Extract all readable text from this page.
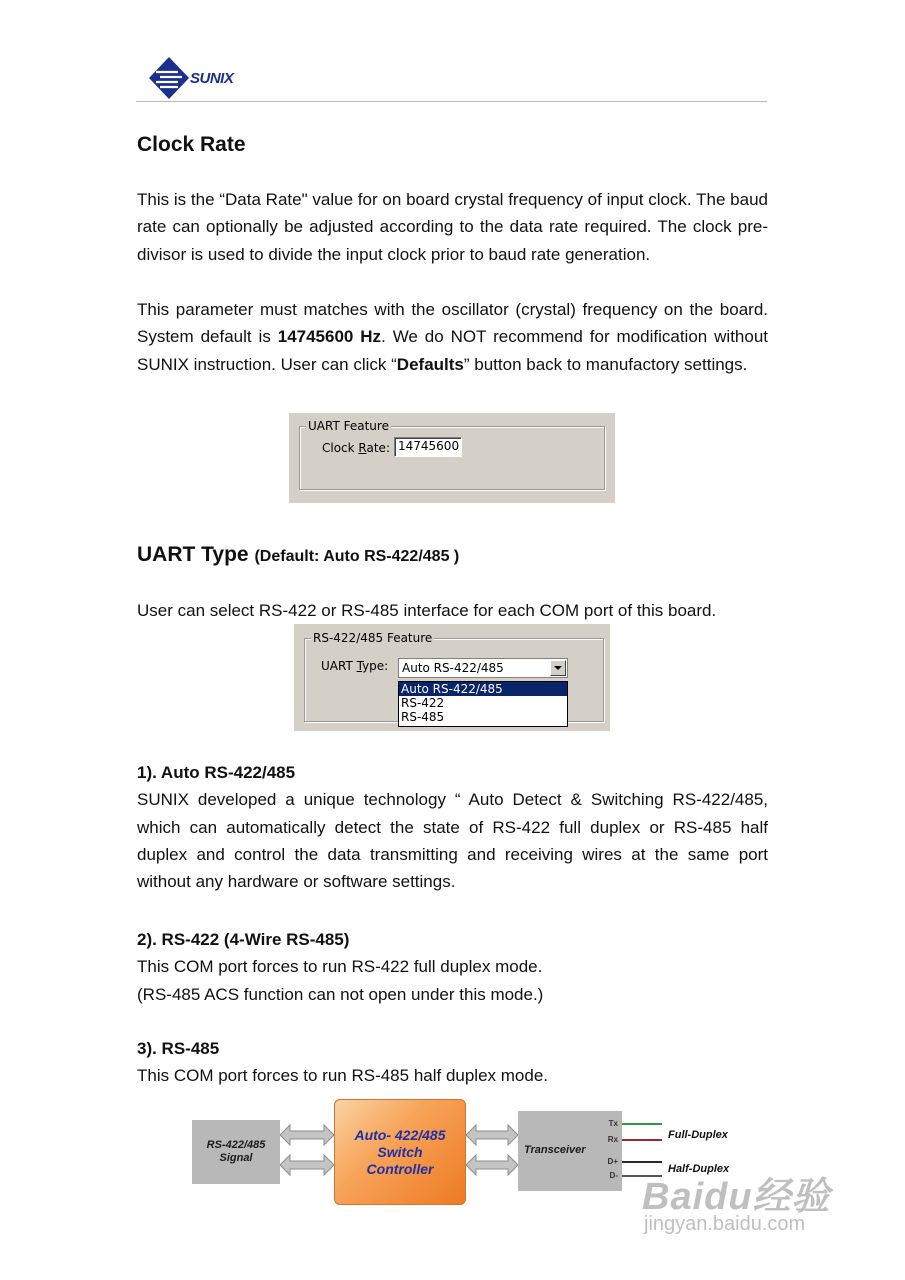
SUNIX
Clock Rate

This is the “Data Rate" value for on board crystal frequency of input clock. The baud rate can optionally be adjusted according to the data rate required. The clock pre-divisor is used to divide the input clock prior to baud rate generation.

This parameter must matches with the oscillator (crystal) frequency on the board. System default is 14745600 Hz. We do NOT recommend for modification without SUNIX instruction. User can click “Defaults” button back to manufactory settings.

UART Feature
Clock Rate: 14745600
UART Type (Default: Auto RS-422/485 )

User can select RS-422 or RS-485 interface for each COM port of this board.

RS-422/485 Feature
UART Type: Auto RS-422/485
Auto RS-422/485
RS-422
RS-485
1). Auto RS-422/485
SUNIX developed a unique technology “ Auto Detect & Switching RS-422/485, which can automatically detect the state of RS-422 full duplex or RS-485 half duplex and control the data transmitting and receiving wires at the same port without any hardware or software settings.
2). RS-422 (4-Wire RS-485)
This COM port forces to run RS-422 full duplex mode.
(RS-485 ACS function can not open under this mode.)
3). RS-485
This COM port forces to run RS-485 half duplex mode.
RS-422/485
Signal
Auto- 422/485
Switch
Controller
Transceiver
Tx
Rx
D+
D-
Full-Duplex
Half-Duplex
Baidu经验
jingyan.baidu.com
